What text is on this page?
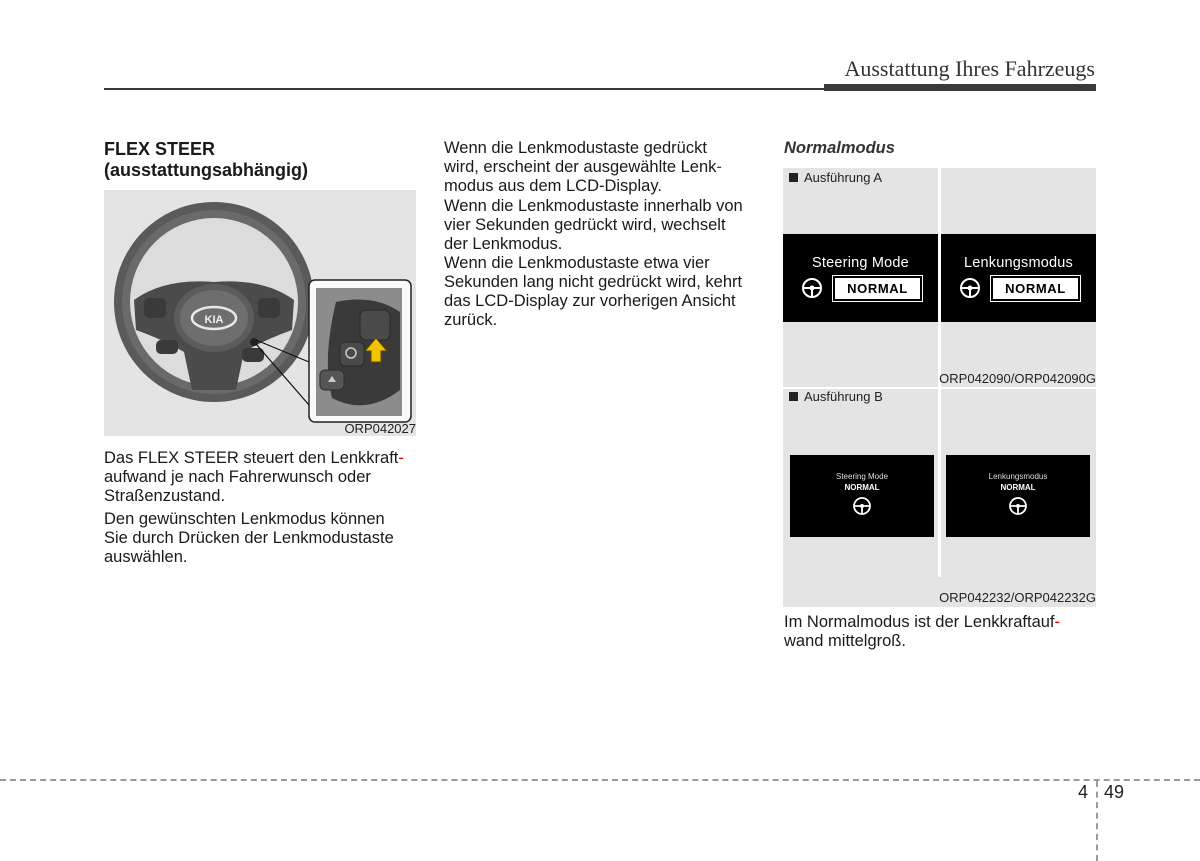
Ausstattung Ihres Fahrzeugs
FLEX STEER
(ausstattungsabhängig)
KIA
ORP042027
Das FLEX STEER steuert den Lenkkraft-
aufwand je nach Fahrerwunsch oder
Straßenzustand.
Den gewünschten Lenkmodus können
Sie durch Drücken der Lenkmodustaste
auswählen.
Wenn die Lenkmodustaste gedrückt
wird, erscheint der ausgewählte Lenk-
modus aus dem LCD-Display.
Wenn die Lenkmodustaste innerhalb von
vier Sekunden gedrückt wird, wechselt
der Lenkmodus.
Wenn die Lenkmodustaste etwa vier
Sekunden lang nicht gedrückt wird, kehrt
das LCD-Display zur vorherigen Ansicht
zurück.
Normalmodus
Ausführung A
Steering Mode
NORMAL
Lenkungsmodus
NORMAL
ORP042090/ORP042090G
Ausführung B
Steering Mode
NORMAL
Lenkungsmodus
NORMAL
ORP042232/ORP042232G
Im Normalmodus ist der Lenkkraftauf-
wand mittelgroß.
4 49
